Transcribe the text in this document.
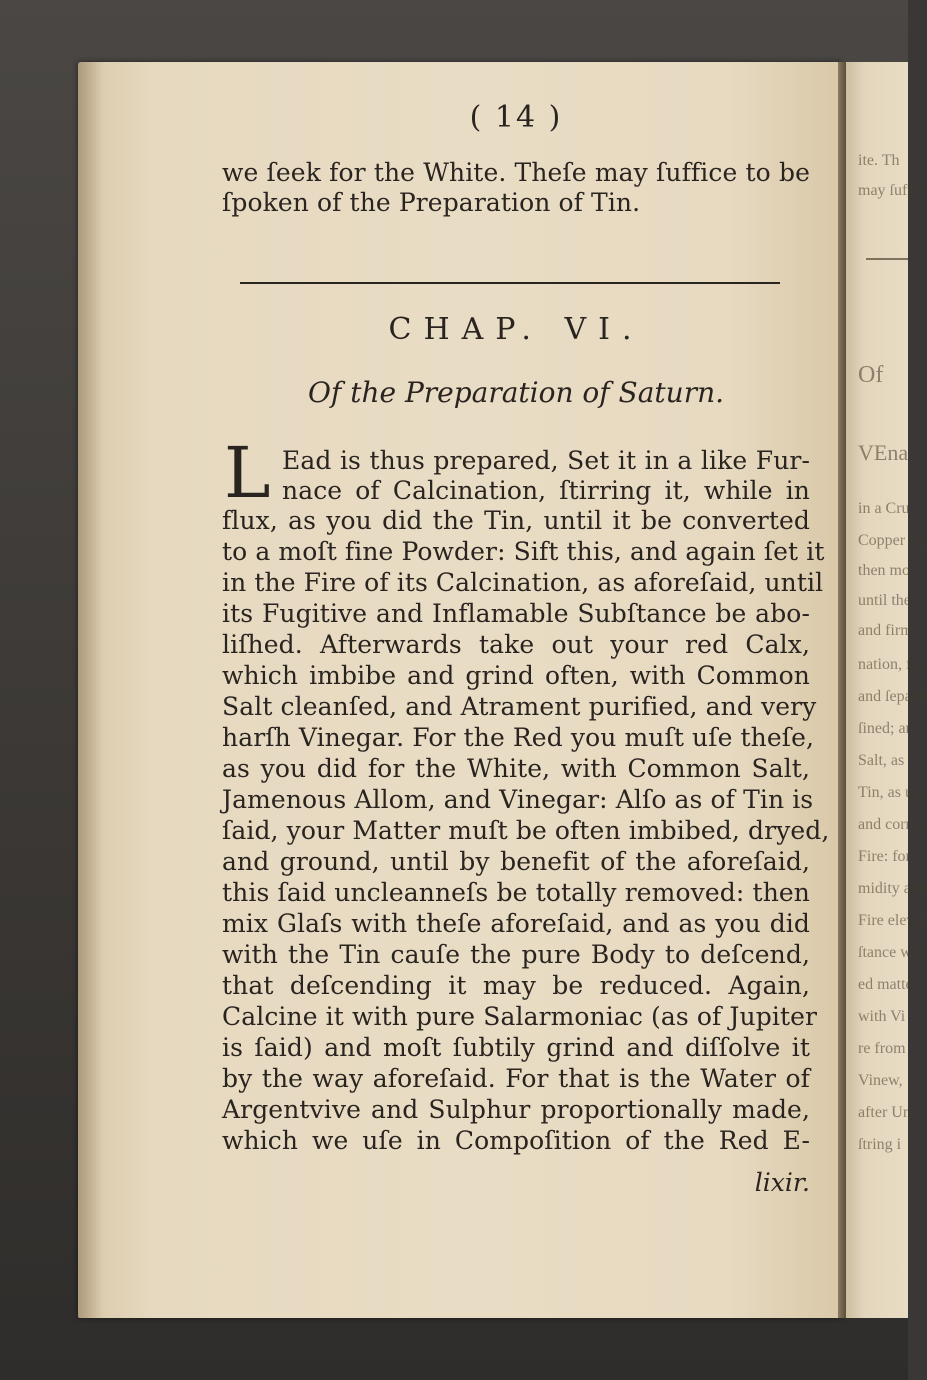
ite. Th
may ſuffi
Of
VEna
in a Cru
Copper Pl
then mo
until the
and firml
nation, fo
and ſepara
ſined; an
Salt, as
Tin, as un
and corro
Fire: for
midity and
Fire eleva
ſtance wit
ed matter
with Vi
re from
Vinew,
after Un
ſtring i
( 14 )
we ſeek for the White. Theſe may ſuffice to be
ſpoken of the Preparation of Tin.
CHAP. VI.
Of the Preparation of Saturn.
L Ead is thus prepared, Set it in a like Fur-
nace of Calcination, ſtirring it, while in
flux, as you did the Tin, until it be converted
to a moſt fine Powder: Sift this, and again ſet it
in the Fire of its Calcination, as aforeſaid, until
its Fugitive and Inflamable Subſtance be abo-
liſhed. Afterwards take out your red Calx,
which imbibe and grind often, with Common
Salt cleanſed, and Atrament purified, and very
harſh Vinegar. For the Red you muſt uſe theſe,
as you did for the White, with Common Salt,
Jamenous Allom, and Vinegar: Alſo as of Tin is
ſaid, your Matter muſt be often imbibed, dryed,
and ground, until by benefit of the aforeſaid,
this ſaid uncleanneſs be totally removed: then
mix Glaſs with theſe aforeſaid, and as you did
with the Tin cauſe the pure Body to deſcend,
that deſcending it may be reduced. Again,
Calcine it with pure Salarmoniac (as of Jupiter
is ſaid) and moſt ſubtily grind and diſſolve it
by the way aforeſaid. For that is the Water of
Argentvive and Sulphur proportionally made,
which we uſe in Compoſition of the Red E-
lixir.
